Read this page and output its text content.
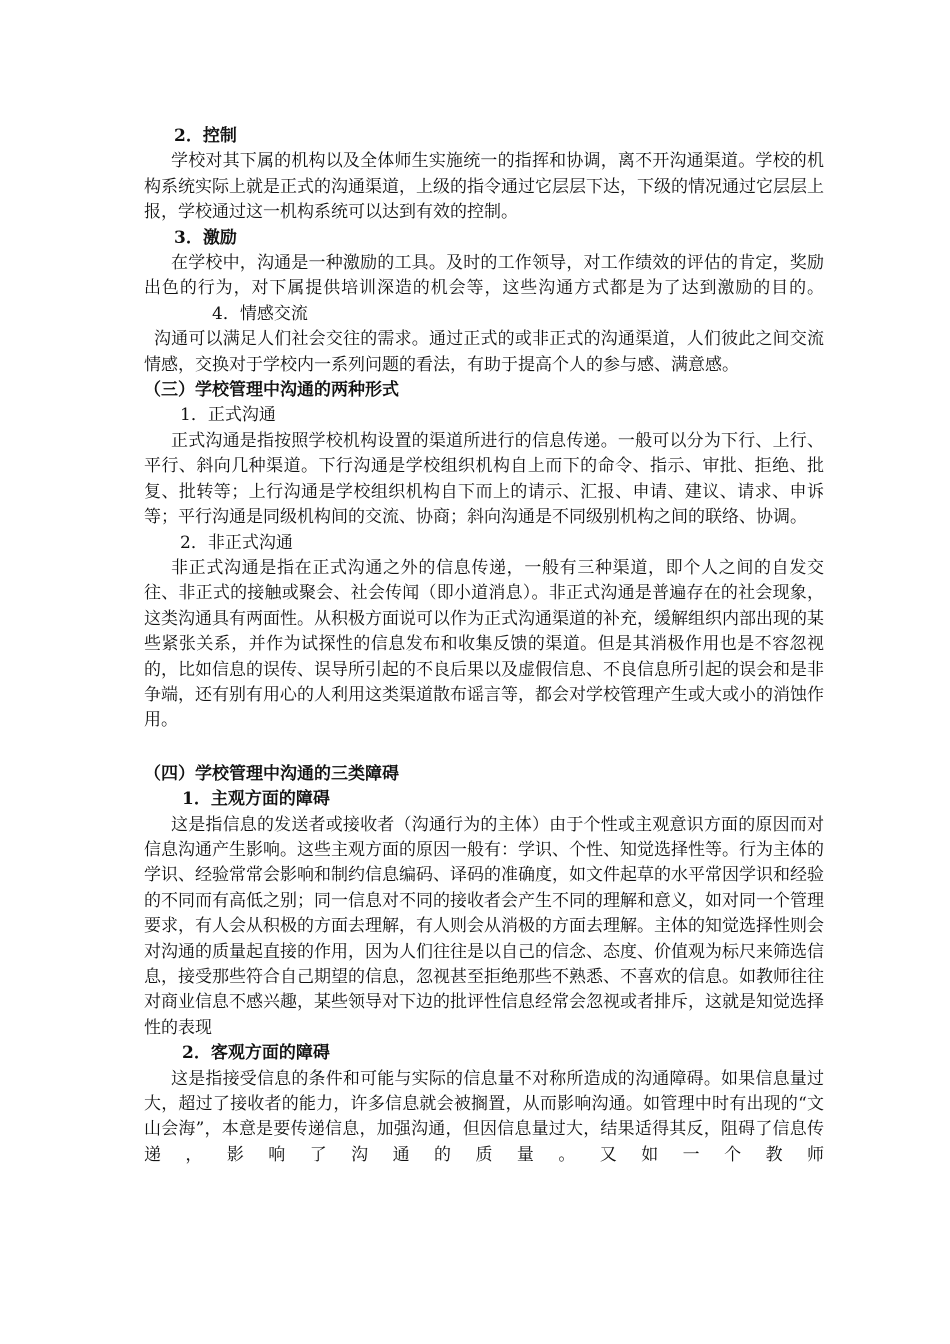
2．控制

学校对其下属的机构以及全体师生实施统一的指挥和协调，离不开沟通渠道。学校的机构系统实际上就是正式的沟通渠道，上级的指令通过它层层下达，下级的情况通过它层层上报，学校通过这一机构系统可以达到有效的控制。

3．激励

在学校中，沟通是一种激励的工具。及时的工作领导，对工作绩效的评估的肯定，奖励出色的行为，对下属提供培训深造的机会等，这些沟通方式都是为了达到激励的目的。4．情感交流

沟通可以满足人们社会交往的需求。通过正式的或非正式的沟通渠道，人们彼此之间交流情感，交换对于学校内一系列问题的看法，有助于提高个人的参与感、满意感。

（三）学校管理中沟通的两种形式

1．正式沟通

正式沟通是指按照学校机构设置的渠道所进行的信息传递。一般可以分为下行、上行、平行、斜向几种渠道。下行沟通是学校组织机构自上而下的命令、指示、审批、拒绝、批复、批转等；上行沟通是学校组织机构自下而上的请示、汇报、申请、建议、请求、申诉等；平行沟通是同级机构间的交流、协商；斜向沟通是不同级别机构之间的联络、协调。

2．非正式沟通

非正式沟通是指在正式沟通之外的信息传递，一般有三种渠道，即个人之间的自发交往、非正式的接触或聚会、社会传闻（即小道消息）。非正式沟通是普遍存在的社会现象，这类沟通具有两面性。从积极方面说可以作为正式沟通渠道的补充，缓解组织内部出现的某些紧张关系，并作为试探性的信息发布和收集反馈的渠道。但是其消极作用也是不容忽视的，比如信息的误传、误导所引起的不良后果以及虚假信息、不良信息所引起的误会和是非争端，还有别有用心的人利用这类渠道散布谣言等，都会对学校管理产生或大或小的消蚀作用。

（四）学校管理中沟通的三类障碍

1．主观方面的障碍

这是指信息的发送者或接收者（沟通行为的主体）由于个性或主观意识方面的原因而对信息沟通产生影响。这些主观方面的原因一般有：学识、个性、知觉选择性等。行为主体的学识、经验常常会影响和制约信息编码、译码的准确度，如文件起草的水平常因学识和经验的不同而有高低之别；同一信息对不同的接收者会产生不同的理解和意义，如对同一个管理要求，有人会从积极的方面去理解，有人则会从消极的方面去理解。主体的知觉选择性则会对沟通的质量起直接的作用，因为人们往往是以自己的信念、态度、价值观为标尺来筛选信息，接受那些符合自己期望的信息，忽视甚至拒绝那些不熟悉、不喜欢的信息。如教师往往对商业信息不感兴趣，某些领导对下边的批评性信息经常会忽视或者排斥，这就是知觉选择性的表现

2．客观方面的障碍

这是指接受信息的条件和可能与实际的信息量不对称所造成的沟通障碍。如果信息量过大，超过了接收者的能力，许多信息就会被搁置，从而影响沟通。如管理中时有出现的“文山会海”，本意是要传递信息，加强沟通，但因信息量过大，结果适得其反，阻碍了信息传递，影响了沟通的质量。又如一个教师
